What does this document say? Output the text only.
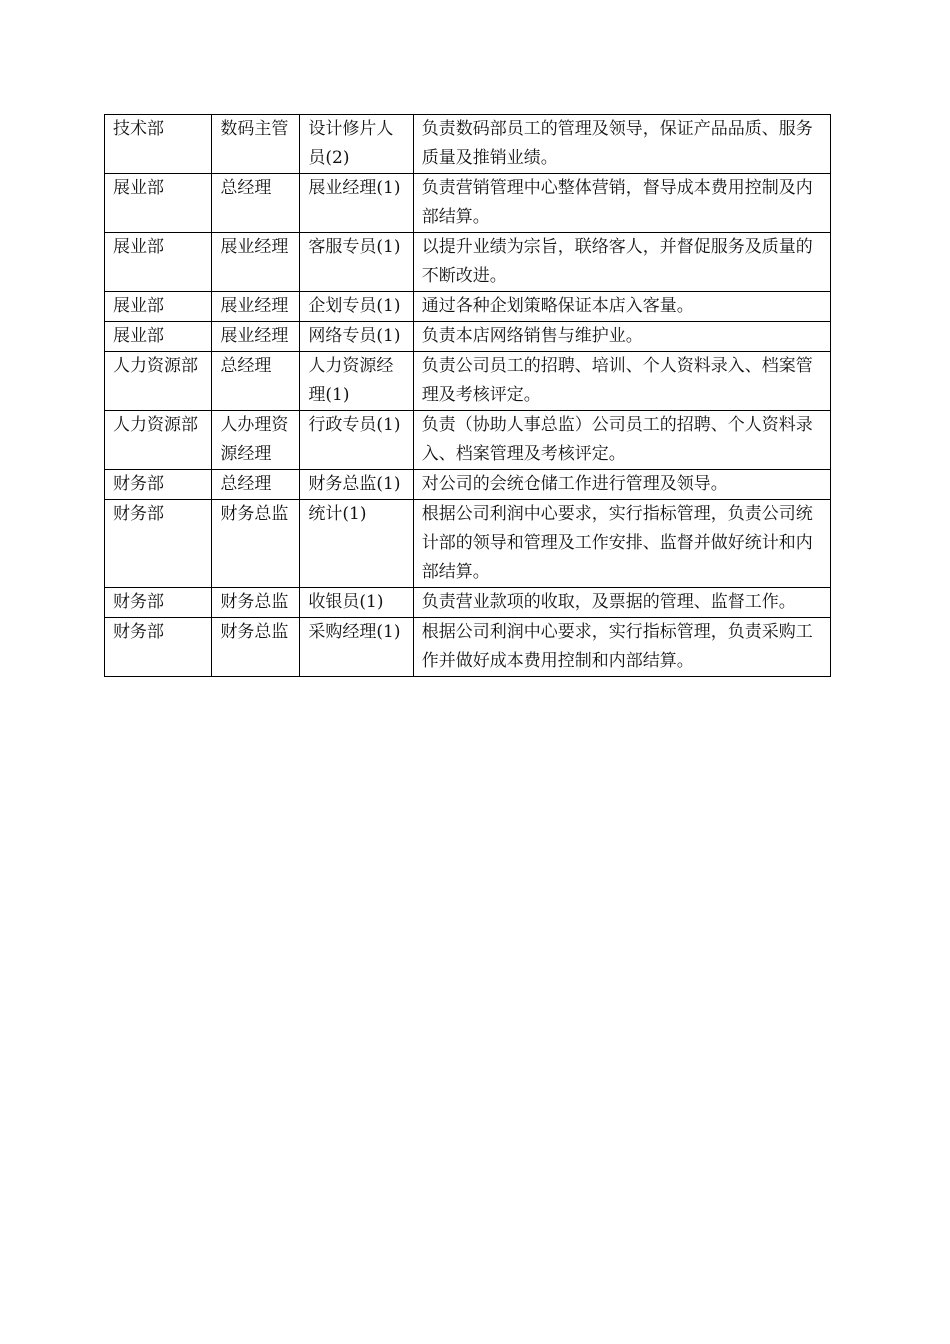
技术部	数码主管	设计修片人员(2)	负责数码部员工的管理及领导，保证产品品质、服务质量及推销业绩。
展业部	总经理	展业经理(1)	负责营销管理中心整体营销，督导成本费用控制及内部结算。
展业部	展业经理	客服专员(1)	以提升业绩为宗旨，联络客人，并督促服务及质量的不断改进。
展业部	展业经理	企划专员(1)	通过各种企划策略保证本店入客量。
展业部	展业经理	网络专员(1)	负责本店网络销售与维护业。
人力资源部	总经理	人力资源经理(1)	负责公司员工的招聘、培训、个人资料录入、档案管理及考核评定。
人力资源部	人办理资源经理	行政专员(1)	负责（协助人事总监）公司员工的招聘、个人资料录入、档案管理及考核评定。
财务部	总经理	财务总监(1)	对公司的会统仓储工作进行管理及领导。
财务部	财务总监	统计(1)	根据公司利润中心要求，实行指标管理，负责公司统计部的领导和管理及工作安排、监督并做好统计和内部结算。
财务部	财务总监	收银员(1)	负责营业款项的收取，及票据的管理、监督工作。
财务部	财务总监	采购经理(1)	根据公司利润中心要求，实行指标管理，负责采购工作并做好成本费用控制和内部结算。
